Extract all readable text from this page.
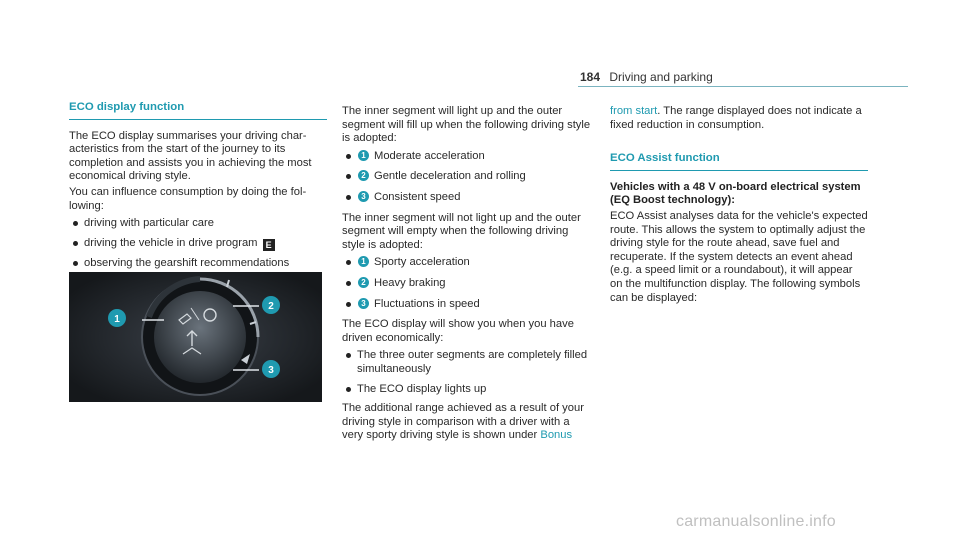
184 Driving and parking
ECO display function

The ECO display summarises your driving characteristics from the start of the journey to its completion and assists you in achieving the most economical driving style.

You can influence consumption by doing the following:

driving with particular care
driving the vehicle in drive program E
observing the gearshift recommendations
1
2
3

The inner segment will light up and the outer segment will fill up when the following driving style is adopted:

1 Moderate acceleration
2 Gentle deceleration and rolling
3 Consistent speed

The inner segment will not light up and the outer segment will empty when the following driving style is adopted:

1 Sporty acceleration
2 Heavy braking
3 Fluctuations in speed

The ECO display will show you when you have driven economically:

The three outer segments are completely filled simultaneously
The ECO display lights up

The additional range achieved as a result of your driving style in comparison with a driver with a very sporty driving style is shown under Bonus

from start. The range displayed does not indicate a fixed reduction in consumption.

ECO Assist function

Vehicles with a 48 V on-board electrical system (EQ Boost technology):

ECO Assist analyses data for the vehicle's expected route. This allows the system to optimally adjust the driving style for the route ahead, save fuel and recuperate. If the system detects an event ahead (e.g. a speed limit or a roundabout), it will appear on the multifunction display. The following symbols can be displayed:

carmanualsonline.info
